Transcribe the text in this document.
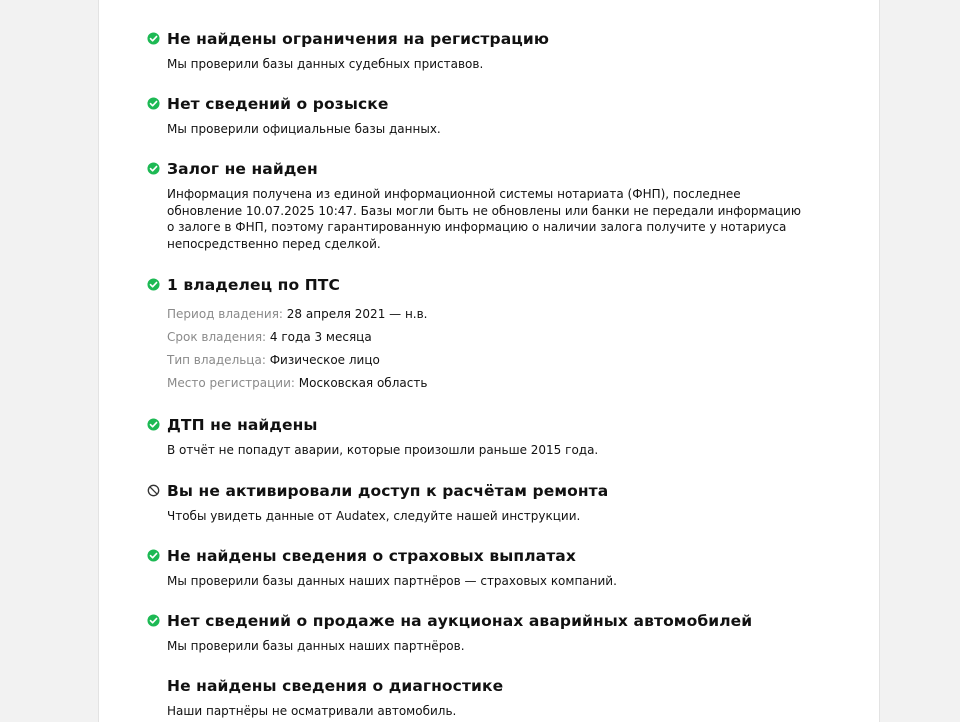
Не найдены ограничения на регистрацию
Мы проверили базы данных судебных приставов.
Нет сведений о розыске
Мы проверили официальные базы данных.
Залог не найден
Информация получена из единой информационной системы нотариата (ФНП), последнее обновление 10.07.2025 10:47. Базы могли быть не обновлены или банки не передали информацию о залоге в ФНП, поэтому гарантированную информацию о наличии залога получите у нотариуса непосредственно перед сделкой.
1 владелец по ПТС
Период владения: 28 апреля 2021 — н.в.
Срок владения: 4 года 3 месяца
Тип владельца: Физическое лицо
Место регистрации: Московская область
ДТП не найдены
В отчёт не попадут аварии, которые произошли раньше 2015 года.
Вы не активировали доступ к расчётам ремонта
Чтобы увидеть данные от Audatex, следуйте нашей инструкции.
Не найдены сведения о страховых выплатах
Мы проверили базы данных наших партнёров — страховых компаний.
Нет сведений о продаже на аукционах аварийных автомобилей
Мы проверили базы данных наших партнёров.
Не найдены сведения о диагностике
Наши партнёры не осматривали автомобиль.
